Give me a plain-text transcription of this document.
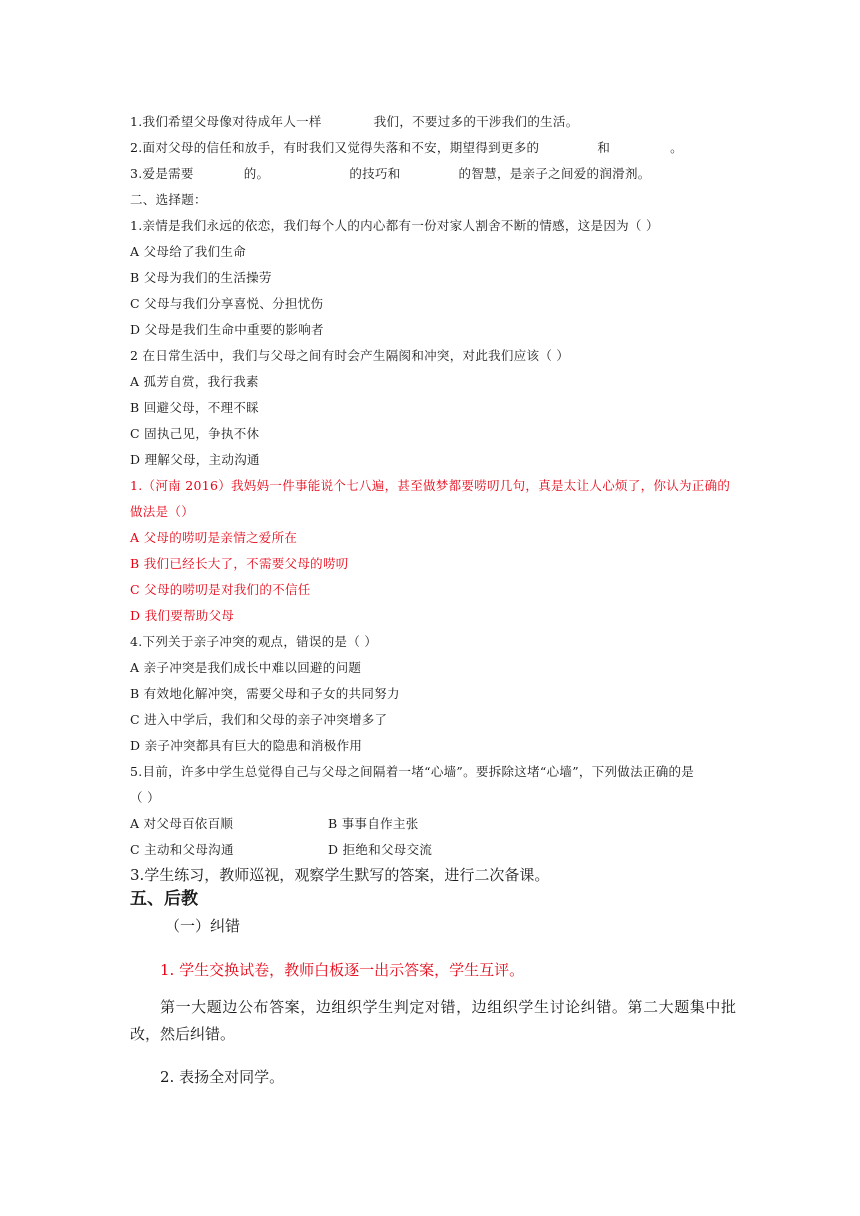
1.我们希望父母像对待成年人一样	我们，不要过多的干涉我们的生活。
2.面对父母的信任和放手，有时我们又觉得失落和不安，期望得到更多的	和	。
3.爱是需要	的。	的技巧和	的智慧，是亲子之间爱的润滑剂。
二、选择题：
1.亲情是我们永远的依恋，我们每个人的内心都有一份对家人割舍不断的情感，这是因为（ ）
A 父母给了我们生命
B 父母为我们的生活操劳
C 父母与我们分享喜悦、分担忧伤
D 父母是我们生命中重要的影响者
2 在日常生活中，我们与父母之间有时会产生隔阂和冲突，对此我们应该（ ）
A 孤芳自赏，我行我素
B 回避父母，不理不睬
C 固执己见，争执不休
D 理解父母，主动沟通
1.（河南 2016）我妈妈一件事能说个七八遍，甚至做梦都要唠叨几句，真是太让人心烦了，你认为正确的
做法是（）
A 父母的唠叨是亲情之爱所在
B 我们已经长大了，不需要父母的唠叨
C 父母的唠叨是对我们的不信任
D 我们要帮助父母
4.下列关于亲子冲突的观点，错误的是（ ）
A 亲子冲突是我们成长中难以回避的问题
B 有效地化解冲突，需要父母和子女的共同努力
C 进入中学后，我们和父母的亲子冲突增多了
D 亲子冲突都具有巨大的隐患和消极作用
5.目前，许多中学生总觉得自己与父母之间隔着一堵“心墙”。要拆除这堵“心墙”，下列做法正确的是
（ ）
A 对父母百依百顺	B 事事自作主张
C 主动和父母沟通	D 拒绝和父母交流
3.学生练习，教师巡视，观察学生默写的答案，进行二次备课。
五、后教
（一）纠错
1. 学生交换试卷，教师白板逐一出示答案，学生互评。
第一大题边公布答案，边组织学生判定对错，边组织学生讨论纠错。第二大题集中批改，然后纠错。
2. 表扬全对同学。
